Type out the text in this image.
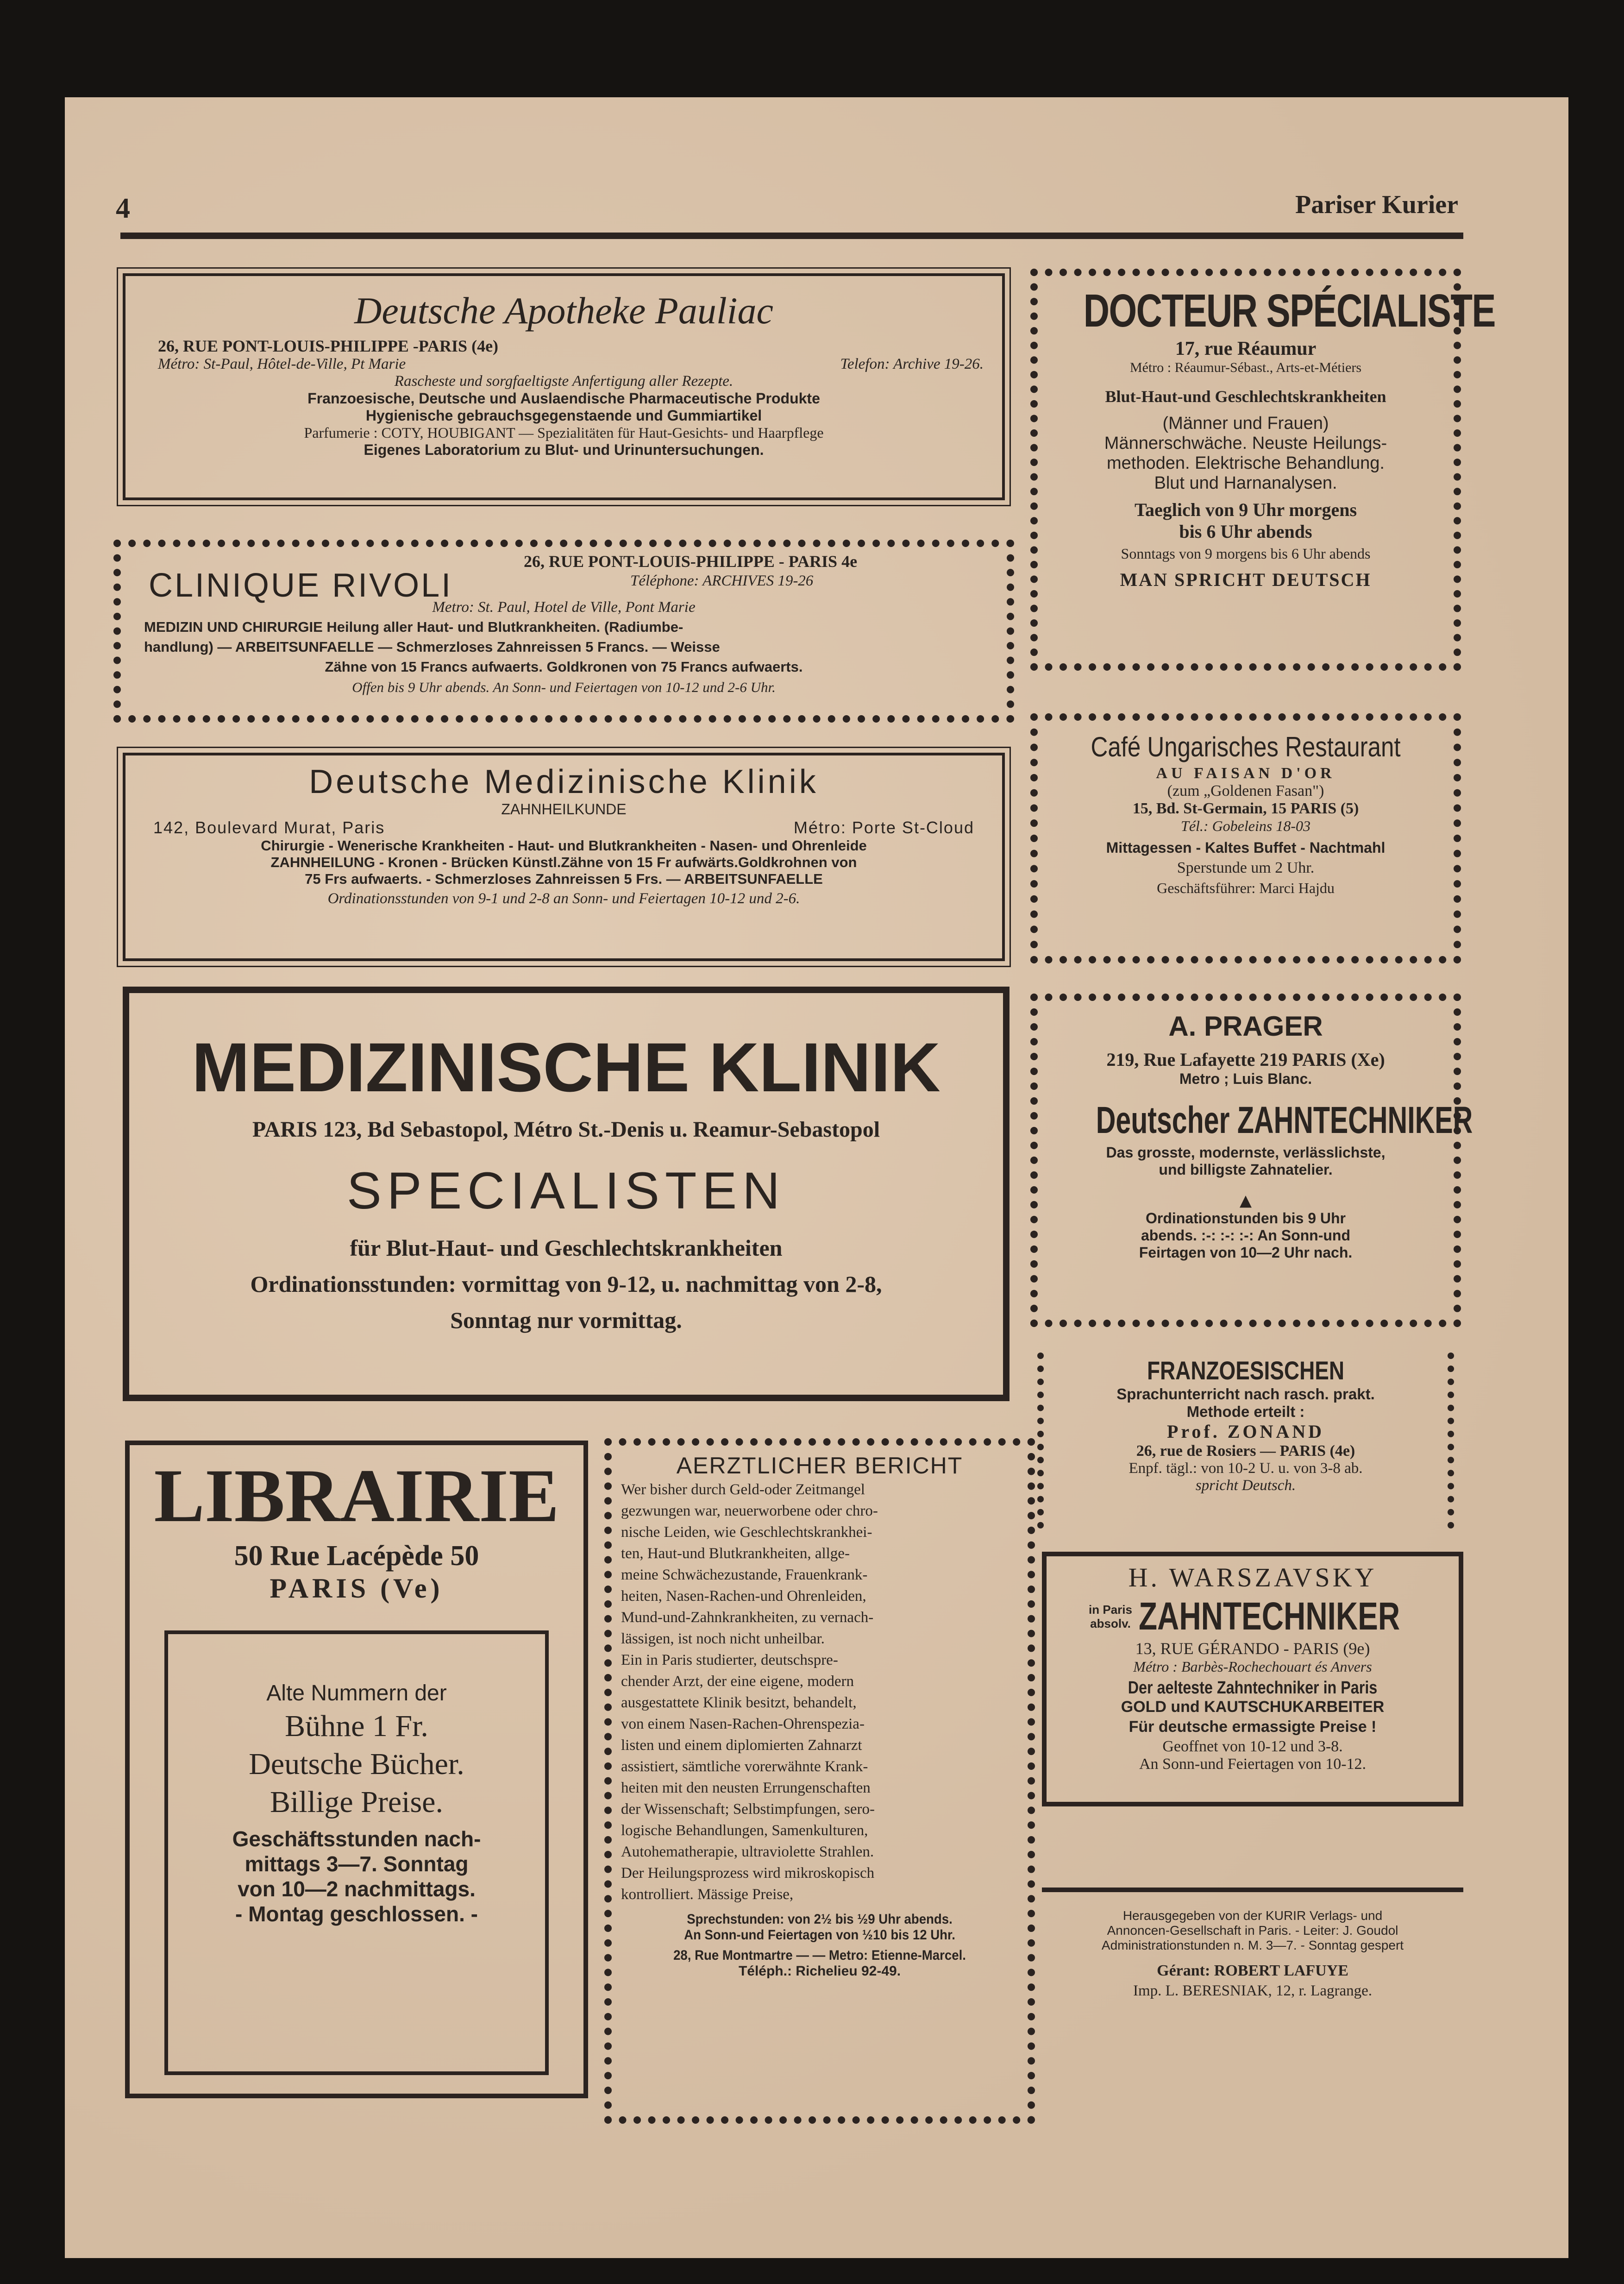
4	Pariser Kurier
Deutsche Apotheke Pauliac
26, RUE PONT-LOUIS-PHILIPPE -PARIS (4e)
Métro: St-Paul, Hôtel-de-Ville, Pt Marie	Telefon: Archive 19-26.
Rascheste und sorgfaeltigste Anfertigung aller Rezepte.
Franzoesische, Deutsche und Auslaendische Pharmaceutische Produkte
Hygienische gebrauchsgegenstaende und Gummiartikel
Parfumerie : COTY, HOUBIGANT — Spezialitäten für Haut-Gesichts- und Haarpflege
Eigenes Laboratorium zu Blut- und Urinuntersuchungen.
CLINIQUE RIVOLI
26, RUE PONT-LOUIS-PHILIPPE - PARIS 4e
Téléphone: ARCHIVES 19-26
Metro: St. Paul, Hotel de Ville, Pont Marie
MEDIZIN UND CHIRURGIE Heilung aller Haut- und Blutkrankheiten. (Radiumbe-
handlung) — ARBEITSUNFAELLE — Schmerzloses Zahnreissen 5 Francs. — Weisse
Zähne von 15 Francs aufwaerts. Goldkronen von 75 Francs aufwaerts.
Offen bis 9 Uhr abends. An Sonn- und Feiertagen von 10-12 und 2-6 Uhr.
DOCTEUR SPÉCIALISTE
17, rue Réaumur
Métro : Réaumur-Sébast., Arts-et-Métiers
Blut-Haut-und Geschlechtskrankheiten
(Männer und Frauen)
Männerschwäche. Neuste Heilungs-
methoden. Elektrische Behandlung.
Blut und Harnanalysen.
Taeglich von 9 Uhr morgens
bis 6 Uhr abends
Sonntags von 9 morgens bis 6 Uhr abends
MAN SPRICHT DEUTSCH
Deutsche Medizinische Klinik
ZAHNHEILKUNDE
142, Boulevard Murat, Paris	Métro: Porte St-Cloud
Chirurgie - Wenerische Krankheiten - Haut- und Blutkrankheiten - Nasen- und Ohrenleide
ZAHNHEILUNG - Kronen - Brücken Künstl.Zähne von 15 Fr aufwärts.Goldkrohnen von
75 Frs aufwaerts. - Schmerzloses Zahnreissen 5 Frs. — ARBEITSUNFAELLE
Ordinationsstunden von 9-1 und 2-8 an Sonn- und Feiertagen 10-12 und 2-6.
Café Ungarisches Restaurant
AU FAISAN D'OR
(zum „Goldenen Fasan")
15, Bd. St-Germain, 15 PARIS (5)
Tél.: Gobeleins 18-03
Mittagessen - Kaltes Buffet - Nachtmahl
Sperstunde um 2 Uhr.
Geschäftsführer: Marci Hajdu
MEDIZINISCHE KLINIK
PARIS 123, Bd Sebastopol, Métro St.-Denis u. Reamur-Sebastopol
SPECIALISTEN
für Blut-Haut- und Geschlechtskrankheiten
Ordinationsstunden: vormittag von 9-12, u. nachmittag von 2-8,
Sonntag nur vormittag.
A. PRAGER
219, Rue Lafayette 219 PARIS (Xe)
Metro ; Luis Blanc.
Deutscher ZAHNTECHNIKER
Das grosste, modernste, verlässlichste,
und billigste Zahnatelier.
▲
Ordinationstunden bis 9 Uhr
abends. :-: :-: :-: An Sonn-und
Feirtagen von 10—2 Uhr nach.
FRANZOESISCHEN
Sprachunterricht nach rasch. prakt.
Methode erteilt :
Prof. ZONAND
26, rue de Rosiers — PARIS (4e)
Enpf. tägl.: von 10-2 U. u. von 3-8 ab.
spricht Deutsch.
LIBRAIRIE
50 Rue Lacépède 50
PARIS (Ve)
Alte Nummern der
Bühne 1 Fr.
Deutsche Bücher.
Billige Preise.
Geschäftsstunden nach-
mittags 3—7. Sonntag
von 10—2 nachmittags.
- Montag geschlossen. -
AERZTLICHER BERICHT
Wer bisher durch Geld-oder Zeitmangel
gezwungen war, neuerworbene oder chro-
nische Leiden, wie Geschlechtskrankhei-
ten, Haut-und Blutkrankheiten, allge-
meine Schwächezustande, Frauenkrank-
heiten, Nasen-Rachen-und Ohrenleiden,
Mund-und-Zahnkrankheiten, zu vernach-
lässigen, ist noch nicht unheilbar.
Ein in Paris studierter, deutschspre-
chender Arzt, der eine eigene, modern
ausgestattete Klinik besitzt, behandelt,
von einem Nasen-Rachen-Ohrenspezia-
listen und einem diplomierten Zahnarzt
assistiert, sämtliche vorerwähnte Krank-
heiten mit den neusten Errungenschaften
der Wissenschaft; Selbstimpfungen, sero-
logische Behandlungen, Samenkulturen,
Autohematherapie, ultraviolette Strahlen.
Der Heilungsprozess wird mikroskopisch
kontrolliert. Mässige Preise,
Sprechstunden: von 2½ bis ½9 Uhr abends.
An Sonn-und Feiertagen von ½10 bis 12 Uhr.
28, Rue Montmartre — — Metro: Etienne-Marcel.
Téléph.: Richelieu 92-49.
H. WARSZAVSKY
in Paris
absolv. ZAHNTECHNIKER
13, RUE GÉRANDO - PARIS (9e)
Métro : Barbès-Rochechouart és Anvers
Der aelteste Zahntechniker in Paris
GOLD und KAUTSCHUKARBEITER
Für deutsche ermassigte Preise !
Geoffnet von 10-12 und 3-8.
An Sonn-und Feiertagen von 10-12.
Herausgegeben von der KURIR Verlags- und
Annoncen-Gesellschaft in Paris. - Leiter: J. Goudol
Administrationstunden n. M. 3—7. - Sonntag gespert
Gérant: ROBERT LAFUYE
Imp. L. BERESNIAK, 12, r. Lagrange.
